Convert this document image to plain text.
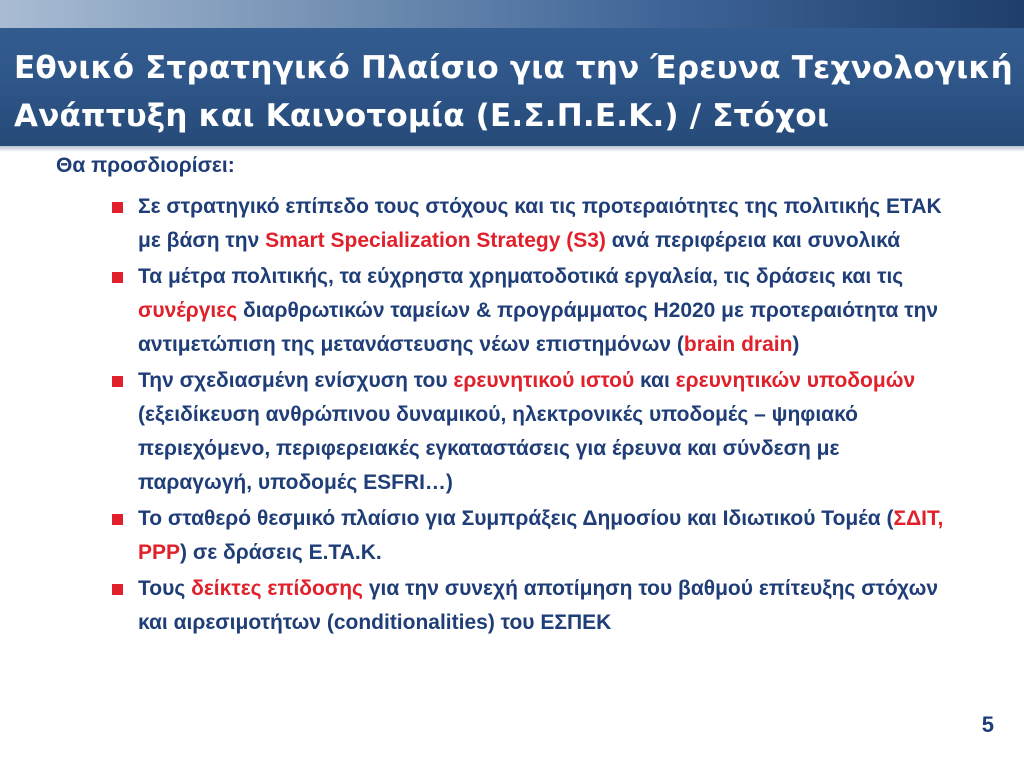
Εθνικό Στρατηγικό Πλαίσιο για την Έρευνα Τεχνολογική
Ανάπτυξη και Καινοτομία (Ε.Σ.Π.Ε.Κ.) / Στόχοι

Θα προσδιορίσει:

Σε στρατηγικό επίπεδο τους στόχους και τις προτεραιότητες της πολιτικής ΕΤΑΚ με βάση την Smart Specialization Strategy (S3) ανά περιφέρεια και συνολικά
Τα μέτρα πολιτικής, τα εύχρηστα χρηματοδοτικά εργαλεία, τις δράσεις και τις συνέργιες διαρθρωτικών ταμείων & προγράμματος Η2020 με προτεραιότητα την αντιμετώπιση της μετανάστευσης νέων επιστημόνων (brain drain)
Την σχεδιασμένη ενίσχυση του ερευνητικού ιστού και ερευνητικών υποδομών (εξειδίκευση ανθρώπινου δυναμικού, ηλεκτρονικές υποδομές – ψηφιακό περιεχόμενο, περιφερειακές εγκαταστάσεις για έρευνα και σύνδεση με παραγωγή, υποδομές ESFRI…)
Το σταθερό θεσμικό πλαίσιο για Συμπράξεις Δημοσίου και Ιδιωτικού Τομέα (ΣΔΙΤ, PPP) σε δράσεις Ε.ΤΑ.Κ.
Τους δείκτες επίδοσης για την συνεχή αποτίμηση του βαθμού επίτευξης στόχων και αιρεσιμοτήτων (conditionalities) του ΕΣΠΕΚ
5
